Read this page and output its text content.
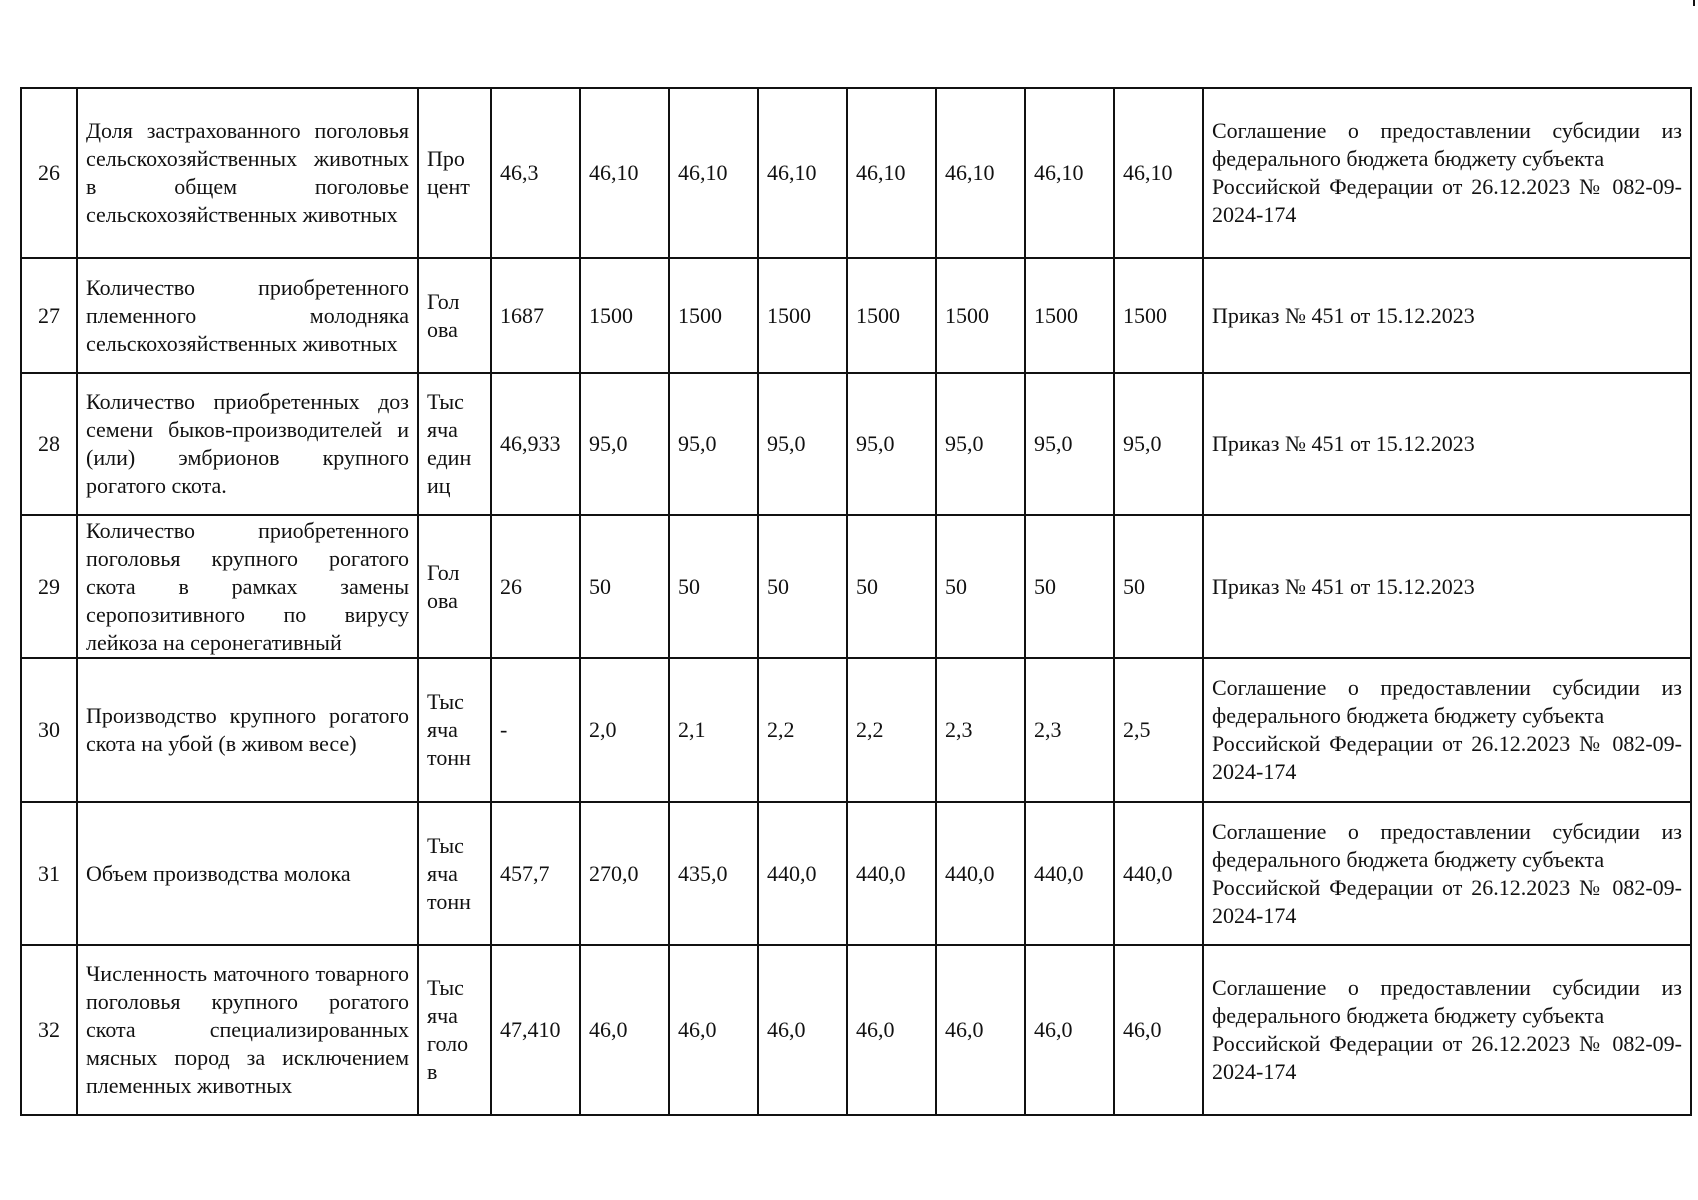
26	Доля застрахованного поголовья сельскохозяйственных животных в общем поголовье сельскохозяйственных животных	Про цент	46,3	46,10	46,10	46,10	46,10	46,10	46,10	46,10	Соглашение о предоставлении субсидии из федерального бюджета бюджету субъекта
Российской Федерации от 26.12.2023 № 082-09-2024-174
27	Количество приобретенного племенного молодняка сельскохозяйственных животных	Гол ова	1687	1500	1500	1500	1500	1500	1500	1500	Приказ № 451 от 15.12.2023
28	Количество приобретенных доз семени быков-производителей и (или) эмбрионов крупного рогатого скота.	Тыс яча един иц	46,933	95,0	95,0	95,0	95,0	95,0	95,0	95,0	Приказ № 451 от 15.12.2023
29	Количество приобретенного поголовья крупного рогатого скота в рамках замены серопозитивного по вирусу лейкоза на серонегативный	Гол ова	26	50	50	50	50	50	50	50	Приказ № 451 от 15.12.2023
30	Производство крупного рогатого скота на убой (в живом весе)	Тыс яча тонн	-	2,0	2,1	2,2	2,2	2,3	2,3	2,5	Соглашение о предоставлении субсидии из федерального бюджета бюджету субъекта
Российской Федерации от 26.12.2023 № 082-09-2024-174
31	Объем производства молока	Тыс яча тонн	457,7	270,0	435,0	440,0	440,0	440,0	440,0	440,0	Соглашение о предоставлении субсидии из федерального бюджета бюджету субъекта
Российской Федерации от 26.12.2023 № 082-09-2024-174
32	Численность маточного товарного поголовья крупного рогатого скота специализированных мясных пород за исключением племенных животных	Тыс яча голо в	47,410	46,0	46,0	46,0	46,0	46,0	46,0	46,0	Соглашение о предоставлении субсидии из федерального бюджета бюджету субъекта
Российской Федерации от 26.12.2023 № 082-09-2024-174
